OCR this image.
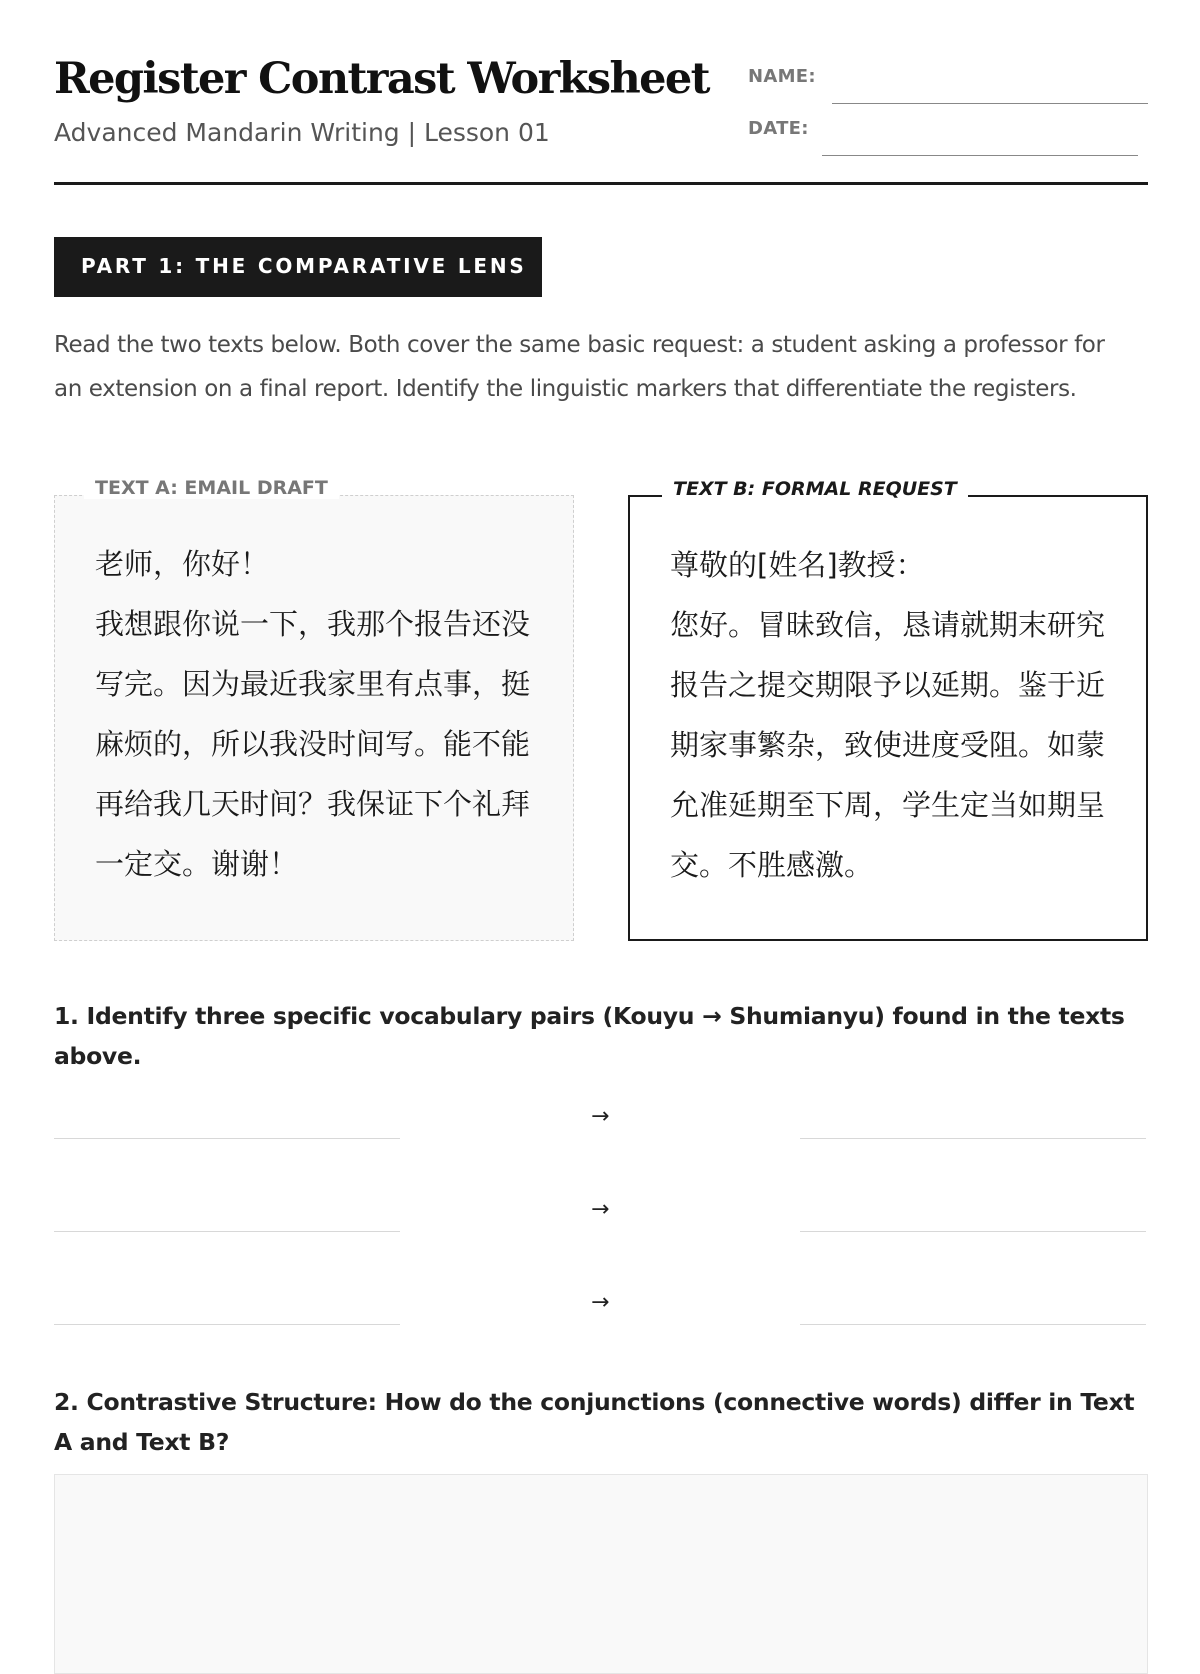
Register Contrast Worksheet
Advanced Mandarin Writing | Lesson 01
NAME:
DATE:
PART 1: THE COMPARATIVE LENS
Read the two texts below. Both cover the same basic request: a student asking a professor for an extension on a final report. Identify the linguistic markers that differentiate the registers.
TEXT A: EMAIL DRAFT

老师，你好！

我想跟你说一下，我那个报告还没写完。因为最近我家里有点事，挺麻烦的，所以我没时间写。能不能再给我几天时间？我保证下个礼拜一定交。谢谢！

TEXT B: FORMAL REQUEST

尊敬的[姓名]教授：

您好。冒昧致信，恳请就期末研究报告之提交期限予以延期。鉴于近期家事繁杂，致使进度受阻。如蒙允准延期至下周，学生定当如期呈交。不胜感激。

1. Identify three specific vocabulary pairs (Kouyu → Shumianyu) found in the texts above.
→
→
→
2. Contrastive Structure: How do the conjunctions (connective words) differ in Text A and Text B?
